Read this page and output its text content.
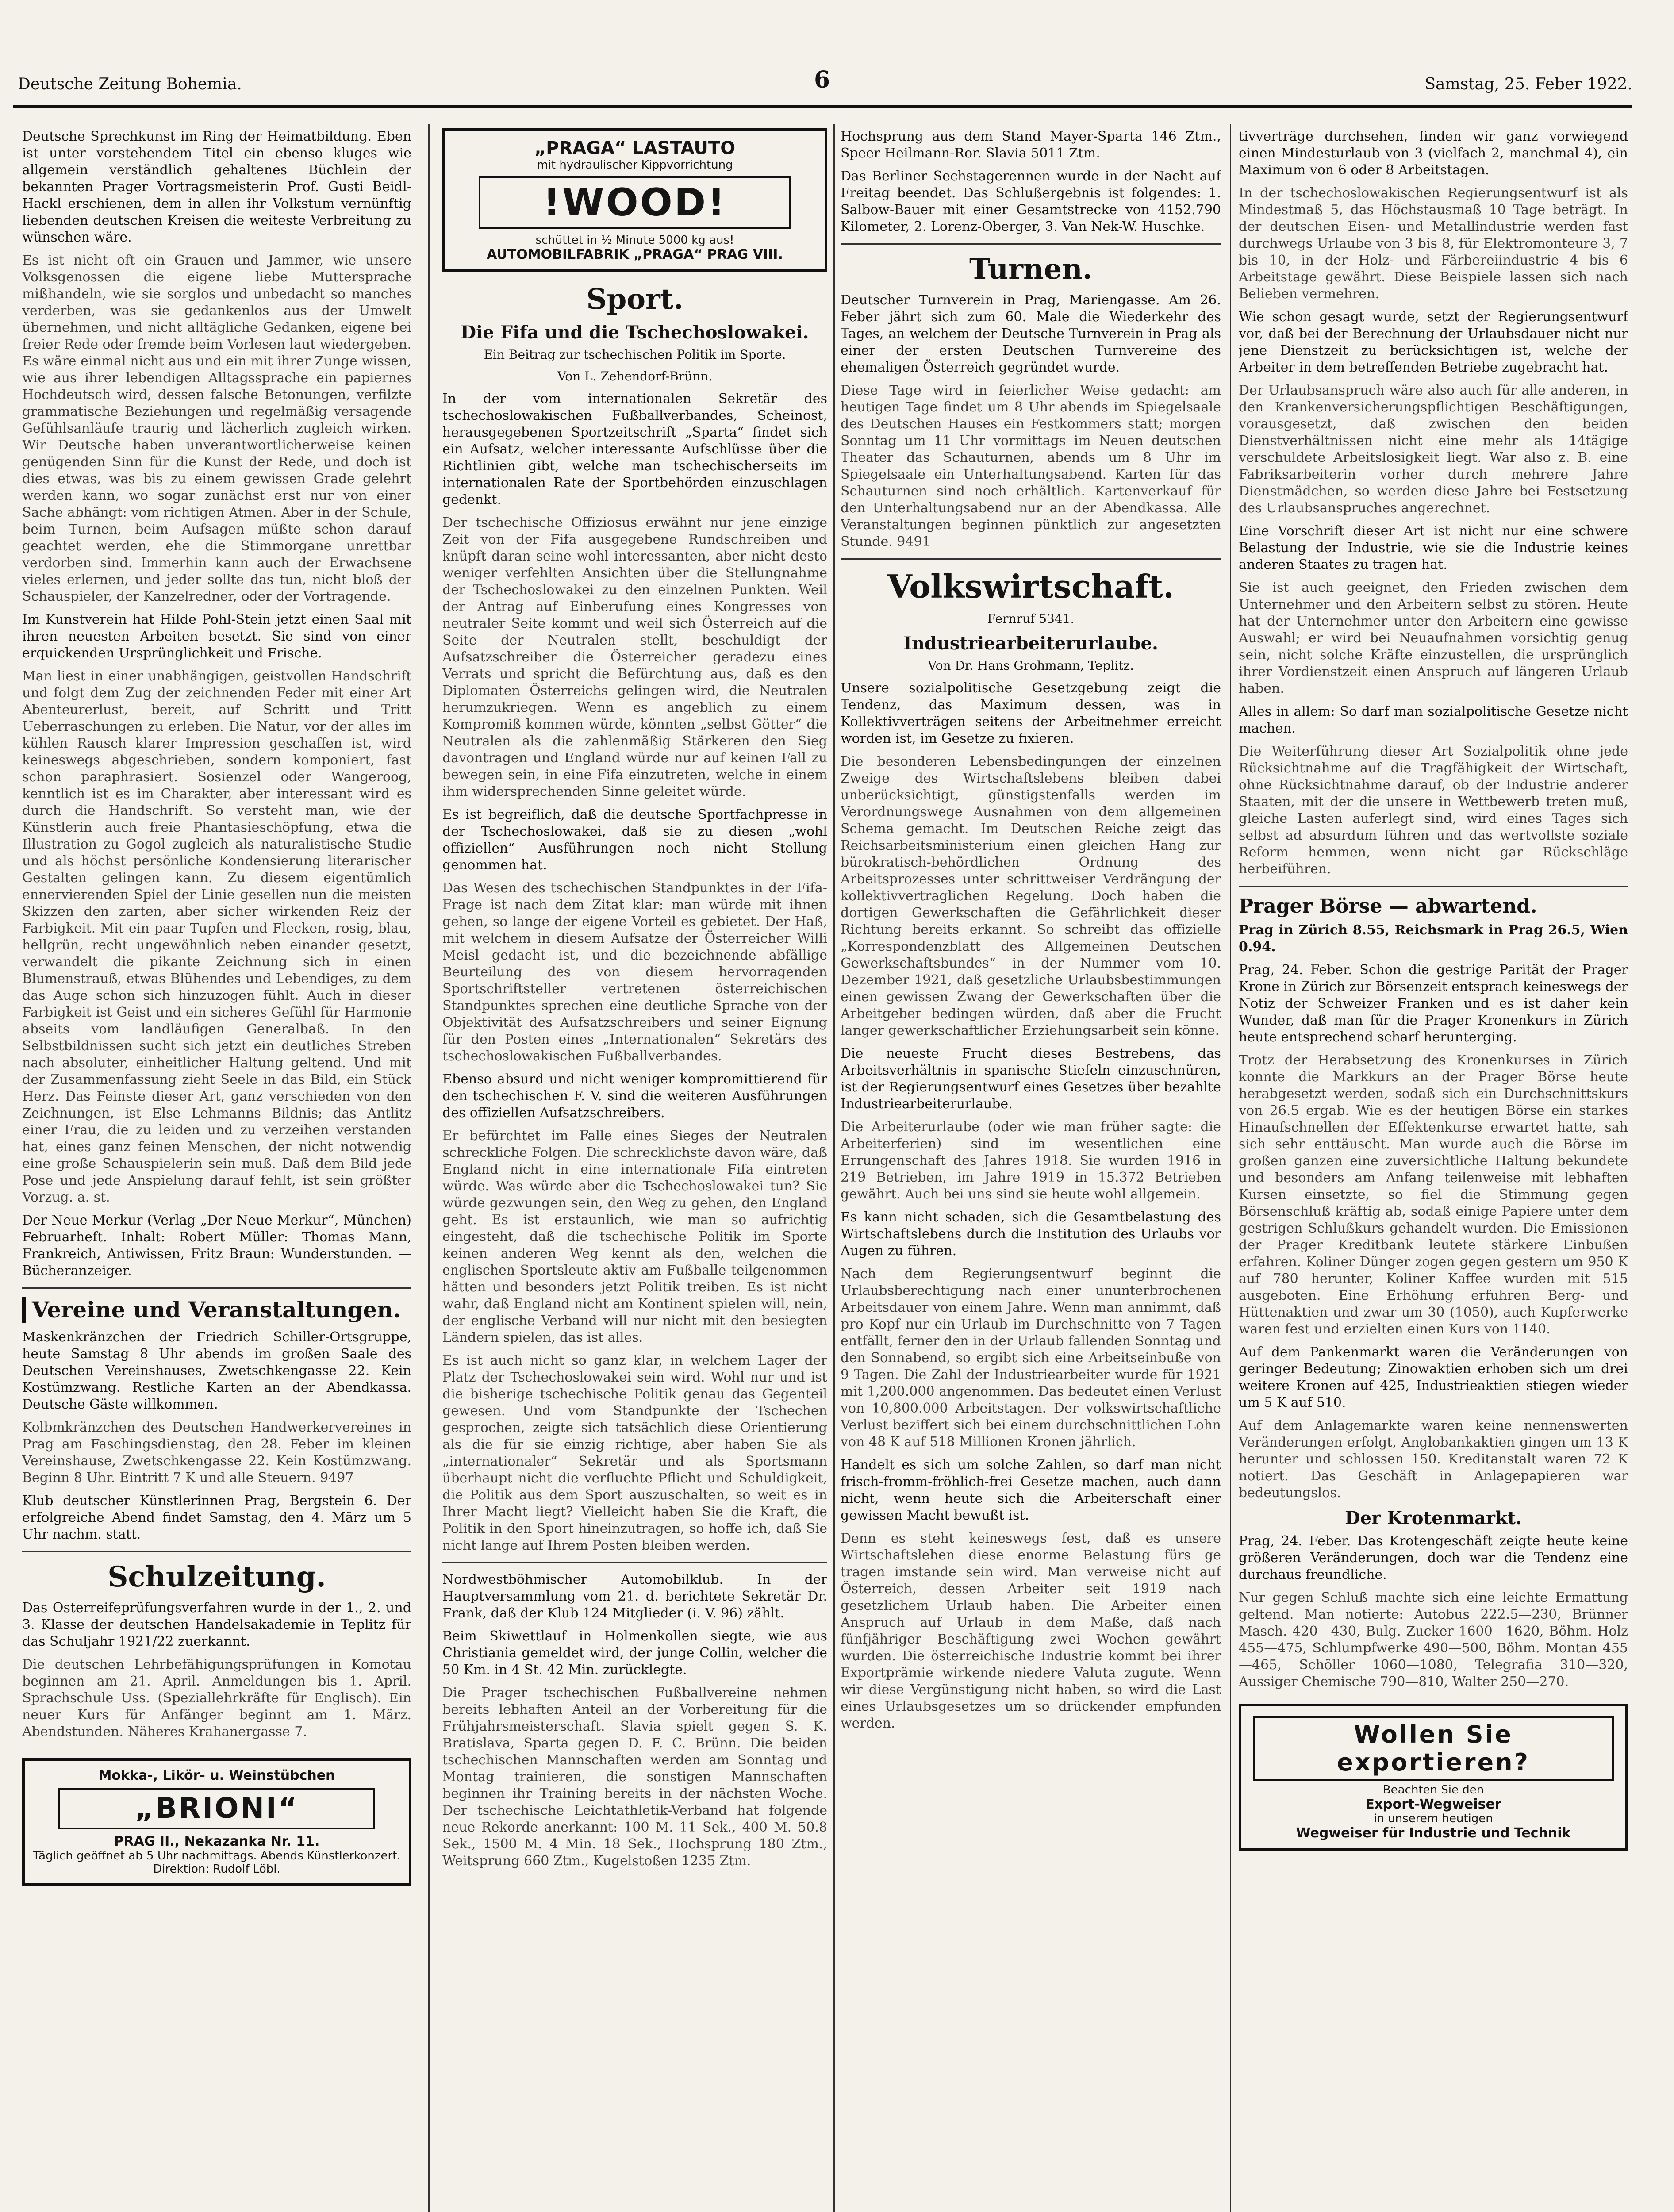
Deutsche Zeitung Bohemia.	6	Samstag, 25. Feber 1922.

Deutsche Sprechkunst im Ring der Heimatbildung. Eben ist unter vorstehendem Titel ein ebenso kluges wie allgemein verständlich gehaltenes Büchlein der bekannten Prager Vortragsmeisterin Prof. Gusti Beidl-Hackl erschienen, dem in allen ihr Volkstum vernünftig liebenden deutschen Kreisen die weiteste Verbreitung zu wünschen wäre.

Es ist nicht oft ein Grauen und Jammer, wie unsere Volksgenossen die eigene liebe Muttersprache mißhandeln, wie sie sorglos und unbedacht so manches verderben, was sie gedankenlos aus der Umwelt übernehmen, und nicht alltägliche Gedanken, eigene bei freier Rede oder fremde beim Vorlesen laut wiedergeben. Es wäre einmal nicht aus und ein mit ihrer Zunge wissen, wie aus ihrer lebendigen Alltagssprache ein papiernes Hochdeutsch wird, dessen falsche Betonungen, verfilzte grammatische Beziehungen und regelmäßig versagende Gefühlsanläufe traurig und lächerlich zugleich wirken. Wir Deutsche haben unverantwortlicherweise keinen genügenden Sinn für die Kunst der Rede, und doch ist dies etwas, was bis zu einem gewissen Grade gelehrt werden kann, wo sogar zunächst erst nur von einer Sache abhängt: vom richtigen Atmen. Aber in der Schule, beim Turnen, beim Aufsagen müßte schon darauf geachtet werden, ehe die Stimmorgane unrettbar verdorben sind. Immerhin kann auch der Erwachsene vieles erlernen, und jeder sollte das tun, nicht bloß der Schauspieler, der Kanzelredner, oder der Vortragende.

Im Kunstverein hat Hilde Pohl-Stein jetzt einen Saal mit ihren neuesten Arbeiten besetzt. Sie sind von einer erquickenden Ursprünglichkeit und Frische.

Man liest in einer unabhängigen, geistvollen Handschrift und folgt dem Zug der zeichnenden Feder mit einer Art Abenteurerlust, bereit, auf Schritt und Tritt Ueberraschungen zu erleben. Die Natur, vor der alles im kühlen Rausch klarer Impression geschaffen ist, wird keineswegs abgeschrieben, sondern komponiert, fast schon paraphrasiert. Sosienzel oder Wangeroog, kenntlich ist es im Charakter, aber interessant wird es durch die Handschrift. So versteht man, wie der Künstlerin auch freie Phantasieschöpfung, etwa die Illustration zu Gogol zugleich als naturalistische Studie und als höchst persönliche Kondensierung literarischer Gestalten gelingen kann. Zu diesem eigentümlich ennervierenden Spiel der Linie gesellen nun die meisten Skizzen den zarten, aber sicher wirkenden Reiz der Farbigkeit. Mit ein paar Tupfen und Flecken, rosig, blau, hellgrün, recht ungewöhnlich neben einander gesetzt, verwandelt die pikante Zeichnung sich in einen Blumenstrauß, etwas Blühendes und Lebendiges, zu dem das Auge schon sich hinzuzogen fühlt. Auch in dieser Farbigkeit ist Geist und ein sicheres Gefühl für Harmonie abseits vom landläufigen Generalbaß. In den Selbstbildnissen sucht sich jetzt ein deutliches Streben nach absoluter, einheitlicher Haltung geltend. Und mit der Zusammenfassung zieht Seele in das Bild, ein Stück Herz. Das Feinste dieser Art, ganz verschieden von den Zeichnungen, ist Else Lehmanns Bildnis; das Antlitz einer Frau, die zu leiden und zu verzeihen verstanden hat, eines ganz feinen Menschen, der nicht notwendig eine große Schauspielerin sein muß. Daß dem Bild jede Pose und jede Anspielung darauf fehlt, ist sein größter Vorzug. a. st.

Der Neue Merkur (Verlag „Der Neue Merkur“, München) Februarheft. Inhalt: Robert Müller: Thomas Mann, Frankreich, Antiwissen, Fritz Braun: Wunderstunden. — Bücheranzeiger.

Vereine und Veranstaltungen.

Maskenkränzchen der Friedrich Schiller-Ortsgruppe, heute Samstag 8 Uhr abends im großen Saale des Deutschen Vereinshauses, Zwetschkengasse 22. Kein Kostümzwang. Restliche Karten an der Abendkassa. Deutsche Gäste willkommen.

Kolbmkränzchen des Deutschen Handwerkervereines in Prag am Faschingsdienstag, den 28. Feber im kleinen Vereinshause, Zwetschkengasse 22. Kein Kostümzwang. Beginn 8 Uhr. Eintritt 7 K und alle Steuern. 9497

Klub deutscher Künstlerinnen Prag, Bergstein 6. Der erfolgreiche Abend findet Samstag, den 4. März um 5 Uhr nachm. statt.

Schulzeitung.

Das Osterreifeprüfungsverfahren wurde in der 1., 2. und 3. Klasse der deutschen Handelsakademie in Teplitz für das Schuljahr 1921/22 zuerkannt.

Die deutschen Lehrbefähigungsprüfungen in Komotau beginnen am 21. April. Anmeldungen bis 1. April. Sprachschule Uss. (Speziallehrkräfte für Englisch). Ein neuer Kurs für Anfänger beginnt am 1. März. Abendstunden. Näheres Krahanergasse 7.

Mokka-, Likör- u. Weinstübchen
„BRIONI“
PRAG II., Nekazanka Nr. 11.
Täglich geöffnet ab 5 Uhr nachmittags. Abends Künstlerkonzert. Direktion: Rudolf Löbl.
„PRAGA“ LASTAUTO
mit hydraulischer Kippvorrichtung
!WOOD!
schüttet in ½ Minute 5000 kg aus!
AUTOMOBILFABRIK „PRAGA“ PRAG VIII.
Sport.
Die Fifa und die Tschechoslowakei.
Ein Beitrag zur tschechischen Politik im Sporte.
Von L. Zehendorf-Brünn.

In der vom internationalen Sekretär des tschechoslowakischen Fußballverbandes, Scheinost, herausgegebenen Sportzeitschrift „Sparta“ findet sich ein Aufsatz, welcher interessante Aufschlüsse über die Richtlinien gibt, welche man tschechischerseits im internationalen Rate der Sportbehörden einzuschlagen gedenkt.

Der tschechische Offiziosus erwähnt nur jene einzige Zeit von der Fifa ausgegebene Rundschreiben und knüpft daran seine wohl interessanten, aber nicht desto weniger verfehlten Ansichten über die Stellungnahme der Tschechoslowakei zu den einzelnen Punkten. Weil der Antrag auf Einberufung eines Kongresses von neutraler Seite kommt und weil sich Österreich auf die Seite der Neutralen stellt, beschuldigt der Aufsatzschreiber die Österreicher geradezu eines Verrats und spricht die Befürchtung aus, daß es den Diplomaten Österreichs gelingen wird, die Neutralen herumzukriegen. Wenn es angeblich zu einem Kompromiß kommen würde, könnten „selbst Götter“ die Neutralen als die zahlenmäßig Stärkeren den Sieg davontragen und England würde nur auf keinen Fall zu bewegen sein, in eine Fifa einzutreten, welche in einem ihm widersprechenden Sinne geleitet würde.

Es ist begreiflich, daß die deutsche Sportfachpresse in der Tschechoslowakei, daß sie zu diesen „wohl offiziellen“ Ausführungen noch nicht Stellung genommen hat.

Das Wesen des tschechischen Standpunktes in der Fifa-Frage ist nach dem Zitat klar: man würde mit ihnen gehen, so lange der eigene Vorteil es gebietet. Der Haß, mit welchem in diesem Aufsatze der Österreicher Willi Meisl gedacht ist, und die bezeichnende abfällige Beurteilung des von diesem hervorragenden Sportschriftsteller vertretenen österreichischen Standpunktes sprechen eine deutliche Sprache von der Objektivität des Aufsatzschreibers und seiner Eignung für den Posten eines „Internationalen“ Sekretärs des tschechoslowakischen Fußballverbandes.

Ebenso absurd und nicht weniger kompromittierend für den tschechischen F. V. sind die weiteren Ausführungen des offiziellen Aufsatzschreibers.

Er befürchtet im Falle eines Sieges der Neutralen schreckliche Folgen. Die schrecklichste davon wäre, daß England nicht in eine internationale Fifa eintreten würde. Was würde aber die Tschechoslowakei tun? Sie würde gezwungen sein, den Weg zu gehen, den England geht. Es ist erstaunlich, wie man so aufrichtig eingesteht, daß die tschechische Politik im Sporte keinen anderen Weg kennt als den, welchen die englischen Sportsleute aktiv am Fußballe teilgenommen hätten und besonders jetzt Politik treiben. Es ist nicht wahr, daß England nicht am Kontinent spielen will, nein, der englische Verband will nur nicht mit den besiegten Ländern spielen, das ist alles.

Es ist auch nicht so ganz klar, in welchem Lager der Platz der Tschechoslowakei sein wird. Wohl nur und ist die bisherige tschechische Politik genau das Gegenteil gewesen. Und vom Standpunkte der Tschechen gesprochen, zeigte sich tatsächlich diese Orientierung als die für sie einzig richtige, aber haben Sie als „internationaler“ Sekretär und als Sportsmann überhaupt nicht die verfluchte Pflicht und Schuldigkeit, die Politik aus dem Sport auszuschalten, so weit es in Ihrer Macht liegt? Vielleicht haben Sie die Kraft, die Politik in den Sport hineinzutragen, so hoffe ich, daß Sie nicht lange auf Ihrem Posten bleiben werden.

Nordwestböhmischer Automobilklub. In der Hauptversammlung vom 21. d. berichtete Sekretär Dr. Frank, daß der Klub 124 Mitglieder (i. V. 96) zählt.

Beim Skiwettlauf in Holmenkollen siegte, wie aus Christiania gemeldet wird, der junge Collin, welcher die 50 Km. in 4 St. 42 Min. zurücklegte.

Die Prager tschechischen Fußballvereine nehmen bereits lebhaften Anteil an der Vorbereitung für die Frühjahrsmeisterschaft. Slavia spielt gegen S. K. Bratislava, Sparta gegen D. F. C. Brünn. Die beiden tschechischen Mannschaften werden am Sonntag und Montag trainieren, die sonstigen Mannschaften beginnen ihr Training bereits in der nächsten Woche. Der tschechische Leichtathletik-Verband hat folgende neue Rekorde anerkannt: 100 M. 11 Sek., 400 M. 50.8 Sek., 1500 M. 4 Min. 18 Sek., Hochsprung 180 Ztm., Weitsprung 660 Ztm., Kugelstoßen 1235 Ztm.

Hochsprung aus dem Stand Mayer-Sparta 146 Ztm., Speer Heilmann-Ror. Slavia 5011 Ztm.

Das Berliner Sechstagerennen wurde in der Nacht auf Freitag beendet. Das Schlußergebnis ist folgendes: 1. Salbow-Bauer mit einer Gesamtstrecke von 4152.790 Kilometer, 2. Lorenz-Oberger, 3. Van Nek-W. Huschke.

Turnen.

Deutscher Turnverein in Prag, Mariengasse. Am 26. Feber jährt sich zum 60. Male die Wiederkehr des Tages, an welchem der Deutsche Turnverein in Prag als einer der ersten Deutschen Turnvereine des ehemaligen Österreich gegründet wurde.

Diese Tage wird in feierlicher Weise gedacht: am heutigen Tage findet um 8 Uhr abends im Spiegelsaale des Deutschen Hauses ein Festkommers statt; morgen Sonntag um 11 Uhr vormittags im Neuen deutschen Theater das Schauturnen, abends um 8 Uhr im Spiegelsaale ein Unterhaltungsabend. Karten für das Schauturnen sind noch erhältlich. Kartenverkauf für den Unterhaltungsabend nur an der Abendkassa. Alle Veranstaltungen beginnen pünktlich zur angesetzten Stunde. 9491

Volkswirtschaft.
Fernruf 5341.
Industriearbeiterurlaube.
Von Dr. Hans Grohmann, Teplitz.

Unsere sozialpolitische Gesetzgebung zeigt die Tendenz, das Maximum dessen, was in Kollektivverträgen seitens der Arbeitnehmer erreicht worden ist, im Gesetze zu fixieren.

Die besonderen Lebensbedingungen der einzelnen Zweige des Wirtschaftslebens bleiben dabei unberücksichtigt, günstigstenfalls werden im Verordnungswege Ausnahmen von dem allgemeinen Schema gemacht. Im Deutschen Reiche zeigt das Reichsarbeitsministerium einen gleichen Hang zur bürokratisch-behördlichen Ordnung des Arbeitsprozesses unter schrittweiser Verdrängung der kollektivvertraglichen Regelung. Doch haben die dortigen Gewerkschaften die Gefährlichkeit dieser Richtung bereits erkannt. So schreibt das offizielle „Korrespondenzblatt des Allgemeinen Deutschen Gewerkschaftsbundes“ in der Nummer vom 10. Dezember 1921, daß gesetzliche Urlaubsbestimmungen einen gewissen Zwang der Gewerkschaften über die Arbeitgeber bedingen würden, daß aber die Frucht langer gewerkschaftlicher Erziehungsarbeit sein könne.

Die neueste Frucht dieses Bestrebens, das Arbeitsverhältnis in spanische Stiefeln einzuschnüren, ist der Regierungsentwurf eines Gesetzes über bezahlte Industriearbeiterurlaube.

Die Arbeiterurlaube (oder wie man früher sagte: die Arbeiterferien) sind im wesentlichen eine Errungenschaft des Jahres 1918. Sie wurden 1916 in 219 Betrieben, im Jahre 1919 in 15.372 Betrieben gewährt. Auch bei uns sind sie heute wohl allgemein.

Es kann nicht schaden, sich die Gesamtbelastung des Wirtschaftslebens durch die Institution des Urlaubs vor Augen zu führen.

Nach dem Regierungsentwurf beginnt die Urlaubsberechtigung nach einer ununterbrochenen Arbeitsdauer von einem Jahre. Wenn man annimmt, daß pro Kopf nur ein Urlaub im Durchschnitte von 7 Tagen entfällt, ferner den in der Urlaub fallenden Sonntag und den Sonnabend, so ergibt sich eine Arbeitseinbuße von 9 Tagen. Die Zahl der Industriearbeiter wurde für 1921 mit 1,200.000 angenommen. Das bedeutet einen Verlust von 10,800.000 Arbeitstagen. Der volkswirtschaftliche Verlust beziffert sich bei einem durchschnittlichen Lohn von 48 K auf 518 Millionen Kronen jährlich.

Handelt es sich um solche Zahlen, so darf man nicht frisch-fromm-fröhlich-frei Gesetze machen, auch dann nicht, wenn heute sich die Arbeiterschaft einer gewissen Macht bewußt ist.

Denn es steht keineswegs fest, daß es unsere Wirtschaftslehen diese enorme Belastung fürs ge tragen imstande sein wird. Man verweise nicht auf Österreich, dessen Arbeiter seit 1919 nach gesetzlichem Urlaub haben. Die Arbeiter einen Anspruch auf Urlaub in dem Maße, daß nach fünfjähriger Beschäftigung zwei Wochen gewährt wurden. Die österreichische Industrie kommt bei ihrer Exportprämie wirkende niedere Valuta zugute. Wenn wir diese Vergünstigung nicht haben, so wird die Last eines Urlaubsgesetzes um so drückender empfunden werden.

tivverträge durchsehen, finden wir ganz vorwiegend einen Mindesturlaub von 3 (vielfach 2, manchmal 4), ein Maximum von 6 oder 8 Arbeitstagen.

In der tschechoslowakischen Regierungsentwurf ist als Mindestmaß 5, das Höchstausmaß 10 Tage beträgt. In der deutschen Eisen- und Metallindustrie werden fast durchwegs Urlaube von 3 bis 8, für Elektromonteure 3, 7 bis 10, in der Holz- und Färbereiindustrie 4 bis 6 Arbeitstage gewährt. Diese Beispiele lassen sich nach Belieben vermehren.

Wie schon gesagt wurde, setzt der Regierungsentwurf vor, daß bei der Berechnung der Urlaubsdauer nicht nur jene Dienstzeit zu berücksichtigen ist, welche der Arbeiter in dem betreffenden Betriebe zugebracht hat.

Der Urlaubsanspruch wäre also auch für alle anderen, in den Krankenversicherungspflichtigen Beschäftigungen, vorausgesetzt, daß zwischen den beiden Dienstverhältnissen nicht eine mehr als 14tägige verschuldete Arbeitslosigkeit liegt. War also z. B. eine Fabriksarbeiterin vorher durch mehrere Jahre Dienstmädchen, so werden diese Jahre bei Festsetzung des Urlaubsanspruches angerechnet.

Eine Vorschrift dieser Art ist nicht nur eine schwere Belastung der Industrie, wie sie die Industrie keines anderen Staates zu tragen hat.

Sie ist auch geeignet, den Frieden zwischen dem Unternehmer und den Arbeitern selbst zu stören. Heute hat der Unternehmer unter den Arbeitern eine gewisse Auswahl; er wird bei Neuaufnahmen vorsichtig genug sein, nicht solche Kräfte einzustellen, die ursprünglich ihrer Vordienstzeit einen Anspruch auf längeren Urlaub haben.

Alles in allem: So darf man sozialpolitische Gesetze nicht machen.

Die Weiterführung dieser Art Sozialpolitik ohne jede Rücksichtnahme auf die Tragfähigkeit der Wirtschaft, ohne Rücksichtnahme darauf, ob der Industrie anderer Staaten, mit der die unsere in Wettbewerb treten muß, gleiche Lasten auferlegt sind, wird eines Tages sich selbst ad absurdum führen und das wertvollste soziale Reform hemmen, wenn nicht gar Rückschläge herbeiführen.

Prager Börse — abwartend.

Prag in Zürich 8.55, Reichsmark in Prag 26.5, Wien 0.94.

Prag, 24. Feber. Schon die gestrige Parität der Prager Krone in Zürich zur Börsenzeit entsprach keineswegs der Notiz der Schweizer Franken und es ist daher kein Wunder, daß man für die Prager Kronenkurs in Zürich heute entsprechend scharf herunterging.

Trotz der Herabsetzung des Kronenkurses in Zürich konnte die Markkurs an der Prager Börse heute herabgesetzt werden, sodaß sich ein Durchschnittskurs von 26.5 ergab. Wie es der heutigen Börse ein starkes Hinaufschnellen der Effektenkurse erwartet hatte, sah sich sehr enttäuscht. Man wurde auch die Börse im großen ganzen eine zuversichtliche Haltung bekundete und besonders am Anfang teilenweise mit lebhaften Kursen einsetzte, so fiel die Stimmung gegen Börsenschluß kräftig ab, sodaß einige Papiere unter dem gestrigen Schlußkurs gehandelt wurden. Die Emissionen der Prager Kreditbank leutete stärkere Einbußen erfahren. Koliner Dünger zogen gegen gestern um 950 K auf 780 herunter, Koliner Kaffee wurden mit 515 ausgeboten. Eine Erhöhung erfuhren Berg- und Hüttenaktien und zwar um 30 (1050), auch Kupferwerke waren fest und erzielten einen Kurs von 1140.

Auf dem Pankenmarkt waren die Veränderungen von geringer Bedeutung; Zinowaktien erhoben sich um drei weitere Kronen auf 425, Industrieaktien stiegen wieder um 5 K auf 510.

Auf dem Anlagemarkte waren keine nennenswerten Veränderungen erfolgt, Anglobankaktien gingen um 13 K herunter und schlossen 150. Kreditanstalt waren 72 K notiert. Das Geschäft in Anlagepapieren war bedeutungslos.

Der Krotenmarkt.

Prag, 24. Feber. Das Krotengeschäft zeigte heute keine größeren Veränderungen, doch war die Tendenz eine durchaus freundliche.

Nur gegen Schluß machte sich eine leichte Ermattung geltend. Man notierte: Autobus 222.5—230, Brünner Masch. 420—430, Bulg. Zucker 1600—1620, Böhm. Holz 455—475, Schlumpfwerke 490—500, Böhm. Montan 455—465, Schöller 1060—1080, Telegrafia 310—320, Aussiger Chemische 790—810, Walter 250—270.

Wollen Sie exportieren?
Beachten Sie den
Export-Wegweiser
in unserem heutigen
Wegweiser für Industrie und Technik
